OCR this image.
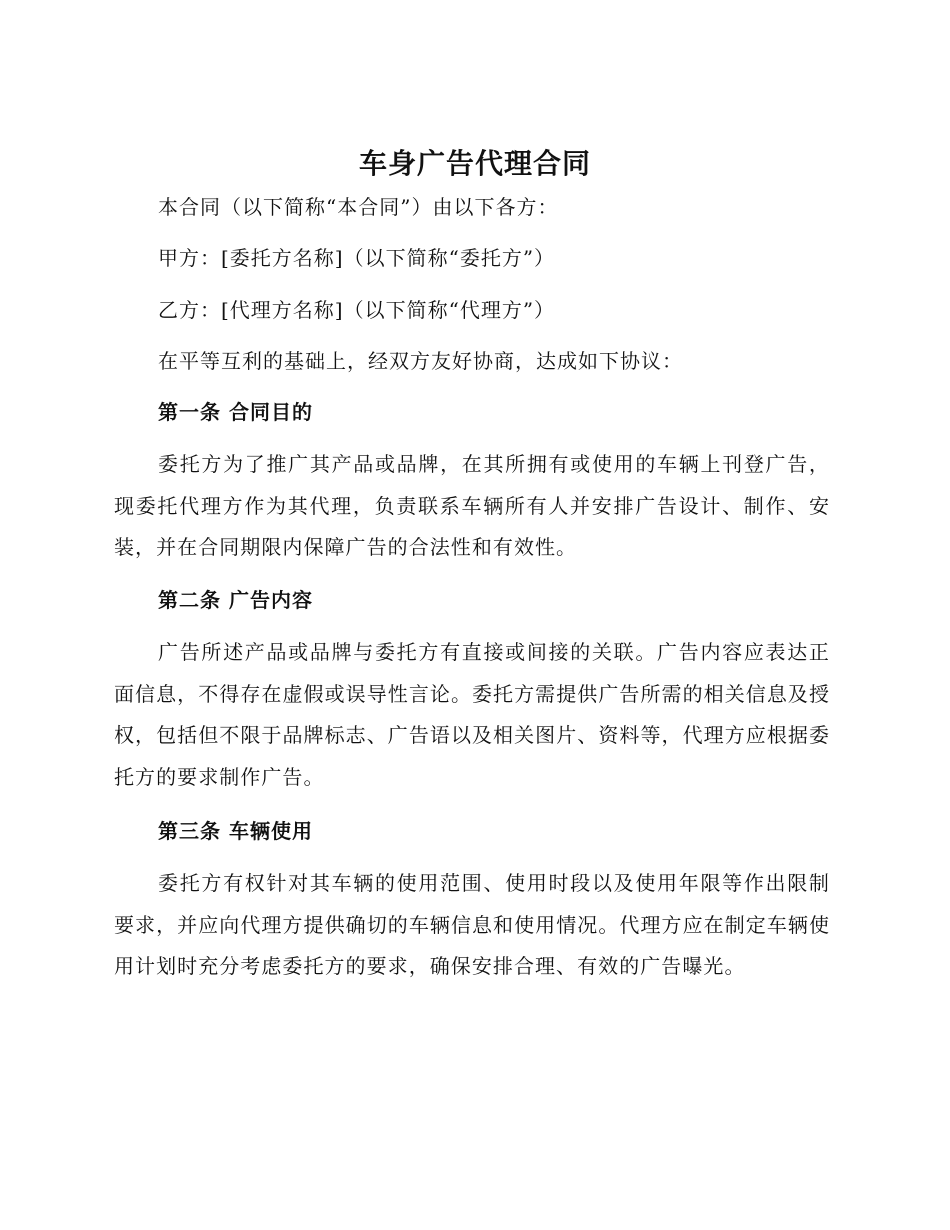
车身广告代理合同

本合同（以下简称“本合同”）由以下各方：

甲方：[委托方名称]（以下简称“委托方”）

乙方：[代理方名称]（以下简称“代理方”）

在平等互利的基础上，经双方友好协商，达成如下协议：

第一条 合同目的

委托方为了推广其产品或品牌，在其所拥有或使用的车辆上刊登广告，现委托代理方作为其代理，负责联系车辆所有人并安排广告设计、制作、安装，并在合同期限内保障广告的合法性和有效性。

第二条 广告内容

广告所述产品或品牌与委托方有直接或间接的关联。广告内容应表达正面信息，不得存在虚假或误导性言论。委托方需提供广告所需的相关信息及授权，包括但不限于品牌标志、广告语以及相关图片、资料等，代理方应根据委托方的要求制作广告。

第三条 车辆使用

委托方有权针对其车辆的使用范围、使用时段以及使用年限等作出限制要求，并应向代理方提供确切的车辆信息和使用情况。代理方应在制定车辆使用计划时充分考虑委托方的要求，确保安排合理、有效的广告曝光。
